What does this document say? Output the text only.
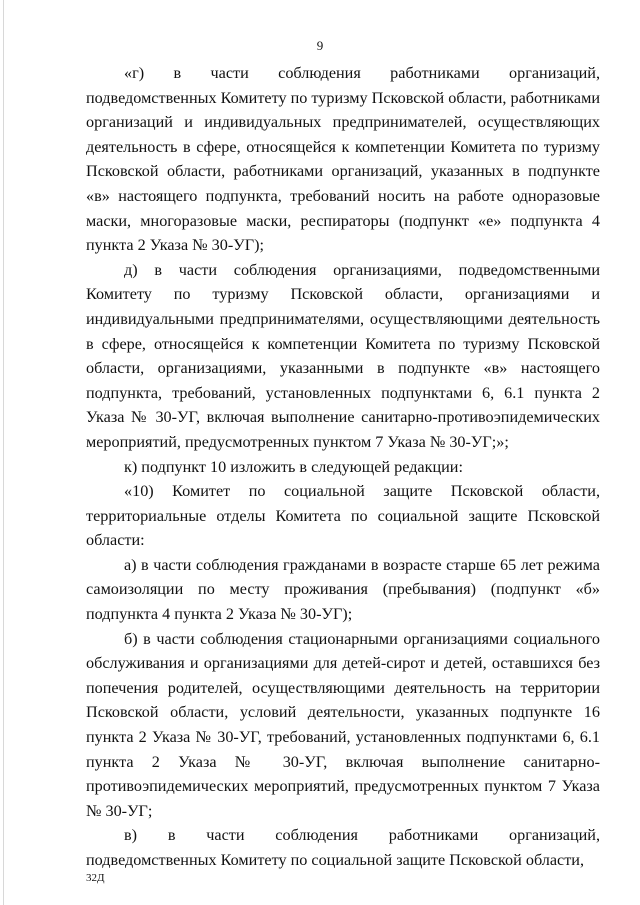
9

«г) в части соблюдения работниками организаций, подведомственных Комитету по туризму Псковской области, работниками организаций и индивидуальных предпринимателей, осуществляющих деятельность в сфере, относящейся к компетенции Комитета по туризму Псковской области, работниками организаций, указанных в подпункте «в» настоящего подпункта, требований носить на работе одноразовые маски, многоразовые маски, респираторы (подпункт «е» подпункта 4 пункта 2 Указа № 30-УГ);

д) в части соблюдения организациями, подведомственными Комитету по туризму Псковской области, организациями и индивидуальными предпринимателями, осуществляющими деятельность в сфере, относящейся к компетенции Комитета по туризму Псковской области, организациями, указанными в подпункте «в» настоящего подпункта, требований, установленных подпунктами 6, 6.1 пункта 2 Указа № 30-УГ, включая выполнение санитарно-противоэпидемических мероприятий, предусмотренных пунктом 7 Указа № 30-УГ;»;

к) подпункт 10 изложить в следующей редакции:

«10) Комитет по социальной защите Псковской области, территориальные отделы Комитета по социальной защите Псковской области:

а) в части соблюдения гражданами в возрасте старше 65 лет режима самоизоляции по месту проживания (пребывания) (подпункт «б» подпункта 4 пункта 2 Указа № 30-УГ);

б) в части соблюдения стационарными организациями социального обслуживания и организациями для детей-сирот и детей, оставшихся без попечения родителей, осуществляющими деятельность на территории Псковской области, условий деятельности, указанных подпункте 16 пункта 2 Указа № 30-УГ, требований, установленных подпунктами 6, 6.1 пункта 2 Указа № 30-УГ, включая выполнение санитарно-противоэпидемических мероприятий, предусмотренных пунктом 7 Указа № 30-УГ;

в) в части соблюдения работниками организаций, подведомственных Комитету по социальной защите Псковской области,

32Д
